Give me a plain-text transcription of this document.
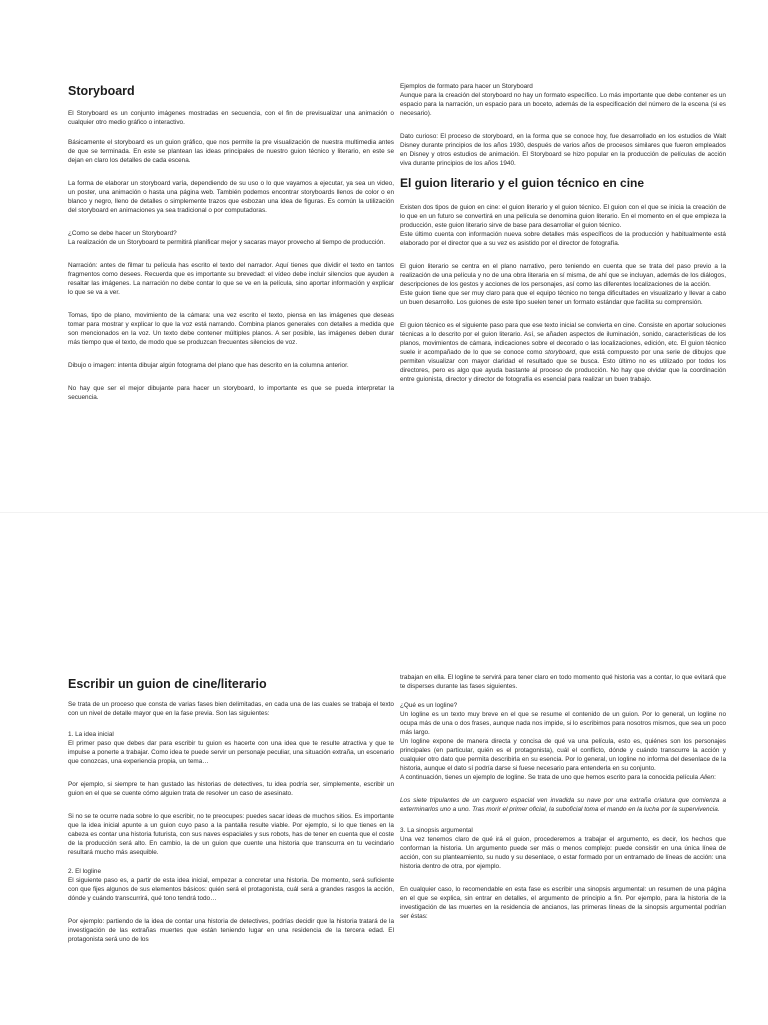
Storyboard

El Storyboard es un conjunto imágenes mostradas en secuencia, con el fin de previsualizar una animación o cualquier otro medio gráfico o interactivo.

Básicamente el storyboard es un guion gráfico, que nos permite la pre visualización de nuestra multimedia antes de que se terminada. En este se plantean las ideas principales de nuestro guion técnico y literario, en este se dejan en claro los detalles de cada escena.

La forma de elaborar un storyboard varía, dependiendo de su uso o lo que vayamos a ejecutar, ya sea un video, un poster, una animación o hasta una página web. También podemos encontrar storyboards llenos de color o en blanco y negro, lleno de detalles o simplemente trazos que esbozan una idea de figuras. Es común la utilización del storyboard en animaciones ya sea tradicional o por computadoras.

¿Como se debe hacer un Storyboard?

La realización de un Storyboard te permitirá planificar mejor y sacaras mayor provecho al tiempo de producción.

Narración: antes de filmar tu película has escrito el texto del narrador. Aquí tienes que dividir el texto en tantos fragmentos como desees. Recuerda que es importante su brevedad: el vídeo debe incluir silencios que ayuden a resaltar las imágenes. La narración no debe contar lo que se ve en la película, sino aportar información y explicar lo que se va a ver.

Tomas, tipo de plano, movimiento de la cámara: una vez escrito el texto, piensa en las imágenes que deseas tomar para mostrar y explicar lo que la voz está narrando. Combina planos generales con detalles a medida que son mencionados en la voz. Un texto debe contener múltiples planos. A ser posible, las imágenes deben durar más tiempo que el texto, de modo que se produzcan frecuentes silencios de voz.

Dibujo o imagen: intenta dibujar algún fotograma del plano que has descrito en la columna anterior.

No hay que ser el mejor dibujante para hacer un storyboard, lo importante es que se pueda interpretar la secuencia.

Ejemplos de formato para hacer un Storyboard

Aunque para la creación del storyboard no hay un formato específico. Lo más importante que debe contener es un espacio para la narración, un espacio para un boceto, además de la especificación del número de la escena (si es necesario).

Dato curioso: El proceso de storyboard, en la forma que se conoce hoy, fue desarrollado en los estudios de Walt Disney durante principios de los años 1930, después de varios años de procesos similares que fueron empleados en Disney y otros estudios de animación. El Storyboard se hizo popular en la producción de películas de acción viva durante principios de los años 1940.

El guion literario y el guion técnico en cine

Existen dos tipos de guion en cine: el guion literario y el guion técnico. El guion con el que se inicia la creación de lo que en un futuro se convertirá en una película se denomina guion literario. En el momento en el que empieza la producción, este guion literario sirve de base para desarrollar el guion técnico.

Este último cuenta con información nueva sobre detalles más específicos de la producción y habitualmente está elaborado por el director que a su vez es asistido por el director de fotografía.

El guion literario se centra en el plano narrativo, pero teniendo en cuenta que se trata del paso previo a la realización de una película y no de una obra literaria en sí misma, de ahí que se incluyan, además de los diálogos, descripciones de los gestos y acciones de los personajes, así como las diferentes localizaciones de la acción.

Este guion tiene que ser muy claro para que el equipo técnico no tenga dificultades en visualizarlo y llevar a cabo un buen desarrollo. Los guiones de este tipo suelen tener un formato estándar que facilita su comprensión.

El guion técnico es el siguiente paso para que ese texto inicial se convierta en cine. Consiste en aportar soluciones técnicas a lo descrito por el guion literario. Así, se añaden aspectos de iluminación, sonido, características de los planos, movimientos de cámara, indicaciones sobre el decorado o las localizaciones, edición, etc. El guion técnico suele ir acompañado de lo que se conoce como storyboard, que está compuesto por una serie de dibujos que permiten visualizar con mayor claridad el resultado que se busca. Esto último no es utilizado por todos los directores, pero es algo que ayuda bastante al proceso de producción. No hay que olvidar que la coordinación entre guionista, director y director de fotografía es esencial para realizar un buen trabajo.

Escribir un guion de cine/literario

Se trata de un proceso que consta de varias fases bien delimitadas, en cada una de las cuales se trabaja el texto con un nivel de detalle mayor que en la fase previa. Son las siguientes:

1. La idea inicial

El primer paso que debes dar para escribir tu guion es hacerte con una idea que te resulte atractiva y que te impulse a ponerte a trabajar. Como idea te puede servir un personaje peculiar, una situación extraña, un escenario que conozcas, una experiencia propia, un tema…

Por ejemplo, si siempre te han gustado las historias de detectives, tu idea podría ser, simplemente, escribir un guion en el que se cuente cómo alguien trata de resolver un caso de asesinato.

Si no se te ocurre nada sobre lo que escribir, no te preocupes: puedes sacar ideas de muchos sitios. Es importante que la idea inicial apunte a un guion cuyo paso a la pantalla resulte viable. Por ejemplo, si lo que tienes en la cabeza es contar una historia futurista, con sus naves espaciales y sus robots, has de tener en cuenta que el coste de la producción será alto. En cambio, la de un guion que cuente una historia que transcurra en tu vecindario resultará mucho más asequible.

2. El logline

El siguiente paso es, a partir de esta idea inicial, empezar a concretar una historia. De momento, será suficiente con que fijes algunos de sus elementos básicos: quién será el protagonista, cuál será a grandes rasgos la acción, dónde y cuándo transcurrirá, qué tono tendrá todo…

Por ejemplo: partiendo de la idea de contar una historia de detectives, podrías decidir que la historia tratará de la investigación de las extrañas muertes que están teniendo lugar en una residencia de la tercera edad. El protagonista será uno de los

trabajan en ella. El logline te servirá para tener claro en todo momento qué historia vas a contar, lo que evitará que te disperses durante las fases siguientes.

¿Qué es un logline?

Un logline es un texto muy breve en el que se resume el contenido de un guion. Por lo general, un logline no ocupa más de una o dos frases, aunque nada nos impide, si lo escribimos para nosotros mismos, que sea un poco más largo.

Un logline expone de manera directa y concisa de qué va una película, esto es, quiénes son los personajes principales (en particular, quién es el protagonista), cuál el conflicto, dónde y cuándo transcurre la acción y cualquier otro dato que permita describirla en su esencia. Por lo general, un logline no informa del desenlace de la historia, aunque el dato sí podría darse si fuese necesario para entenderla en su conjunto.

A continuación, tienes un ejemplo de logline. Se trata de uno que hemos escrito para la conocida película Alien:

Los siete tripulantes de un carguero espacial ven invadida su nave por una extraña criatura que comienza a exterminarlos uno a uno. Tras morir el primer oficial, la suboficial toma el mando en la lucha por la supervivencia.

3. La sinopsis argumental

Una vez tenemos claro de qué irá el guion, procederemos a trabajar el argumento, es decir, los hechos que conforman la historia. Un argumento puede ser más o menos complejo: puede consistir en una única línea de acción, con su planteamiento, su nudo y su desenlace, o estar formado por un entramado de líneas de acción: una historia dentro de otra, por ejemplo.

En cualquier caso, lo recomendable en esta fase es escribir una sinopsis argumental: un resumen de una página en el que se explica, sin entrar en detalles, el argumento de principio a fin. Por ejemplo, para la historia de la investigación de las muertes en la residencia de ancianos, las primeras líneas de la sinopsis argumental podrían ser éstas:
